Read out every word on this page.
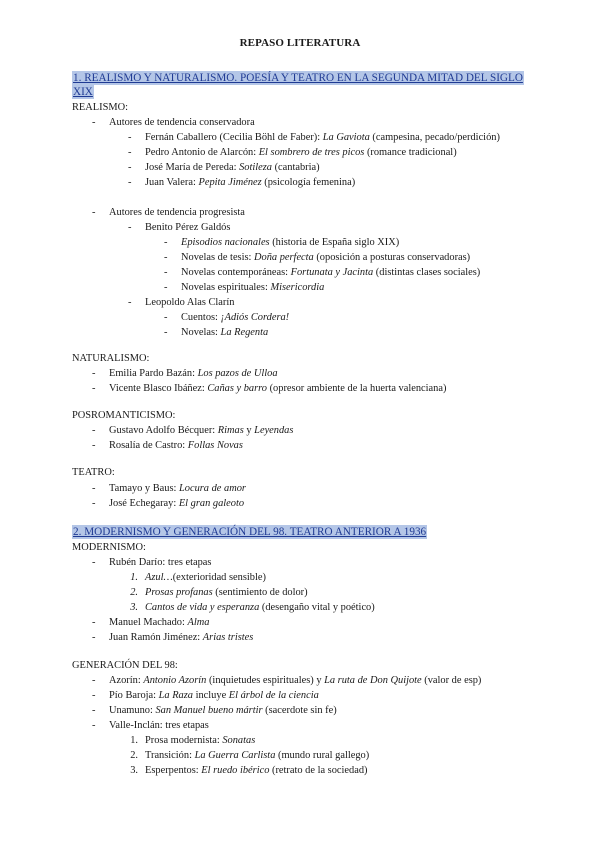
REPASO LITERATURA
1. REALISMO Y NATURALISMO. POESÍA Y TEATRO EN LA SEGUNDA MITAD DEL SIGLO
XIX
REALISMO:
- Autores de tendencia conservadora
- Fernán Caballero (Cecilia Böhl de Faber): La Gaviota (campesina, pecado/perdición)
- Pedro Antonio de Alarcón: El sombrero de tres picos (romance tradicional)
- José María de Pereda: Sotileza (cantabria)
- Juan Valera: Pepita Jiménez (psicología femenina)
- Autores de tendencia progresista
- Benito Pérez Galdós
- Episodios nacionales (historia de España siglo XIX)
- Novelas de tesis: Doña perfecta (oposición a posturas conservadoras)
- Novelas contemporáneas: Fortunata y Jacinta (distintas clases sociales)
- Novelas espirituales: Misericordia
- Leopoldo Alas Clarín
- Cuentos: ¡Adiós Cordera!
- Novelas: La Regenta
NATURALISMO:
- Emilia Pardo Bazán: Los pazos de Ulloa
- Vicente Blasco Ibáñez: Cañas y barro (opresor ambiente de la huerta valenciana)
POSROMANTICISMO:
- Gustavo Adolfo Bécquer: Rimas y Leyendas
- Rosalía de Castro: Follas Novas
TEATRO:
- Tamayo y Baus: Locura de amor
- José Echegaray: El gran galeoto
2. MODERNISMO Y GENERACIÓN DEL 98. TEATRO ANTERIOR A 1936
MODERNISMO:
- Rubén Darío: tres etapas
1. Azul…(exterioridad sensible)
2. Prosas profanas (sentimiento de dolor)
3. Cantos de vida y esperanza (desengaño vital y poético)
- Manuel Machado: Alma
- Juan Ramón Jiménez: Arias tristes
GENERACIÓN DEL 98:
- Azorín: Antonio Azorín (inquietudes espirituales) y La ruta de Don Quijote (valor de esp)
- Pío Baroja: La Raza incluye El árbol de la ciencia
- Unamuno: San Manuel bueno mártir (sacerdote sin fe)
- Valle-Inclán: tres etapas
1. Prosa modernista: Sonatas
2. Transición: La Guerra Carlista (mundo rural gallego)
3. Esperpentos: El ruedo ibérico (retrato de la sociedad)
